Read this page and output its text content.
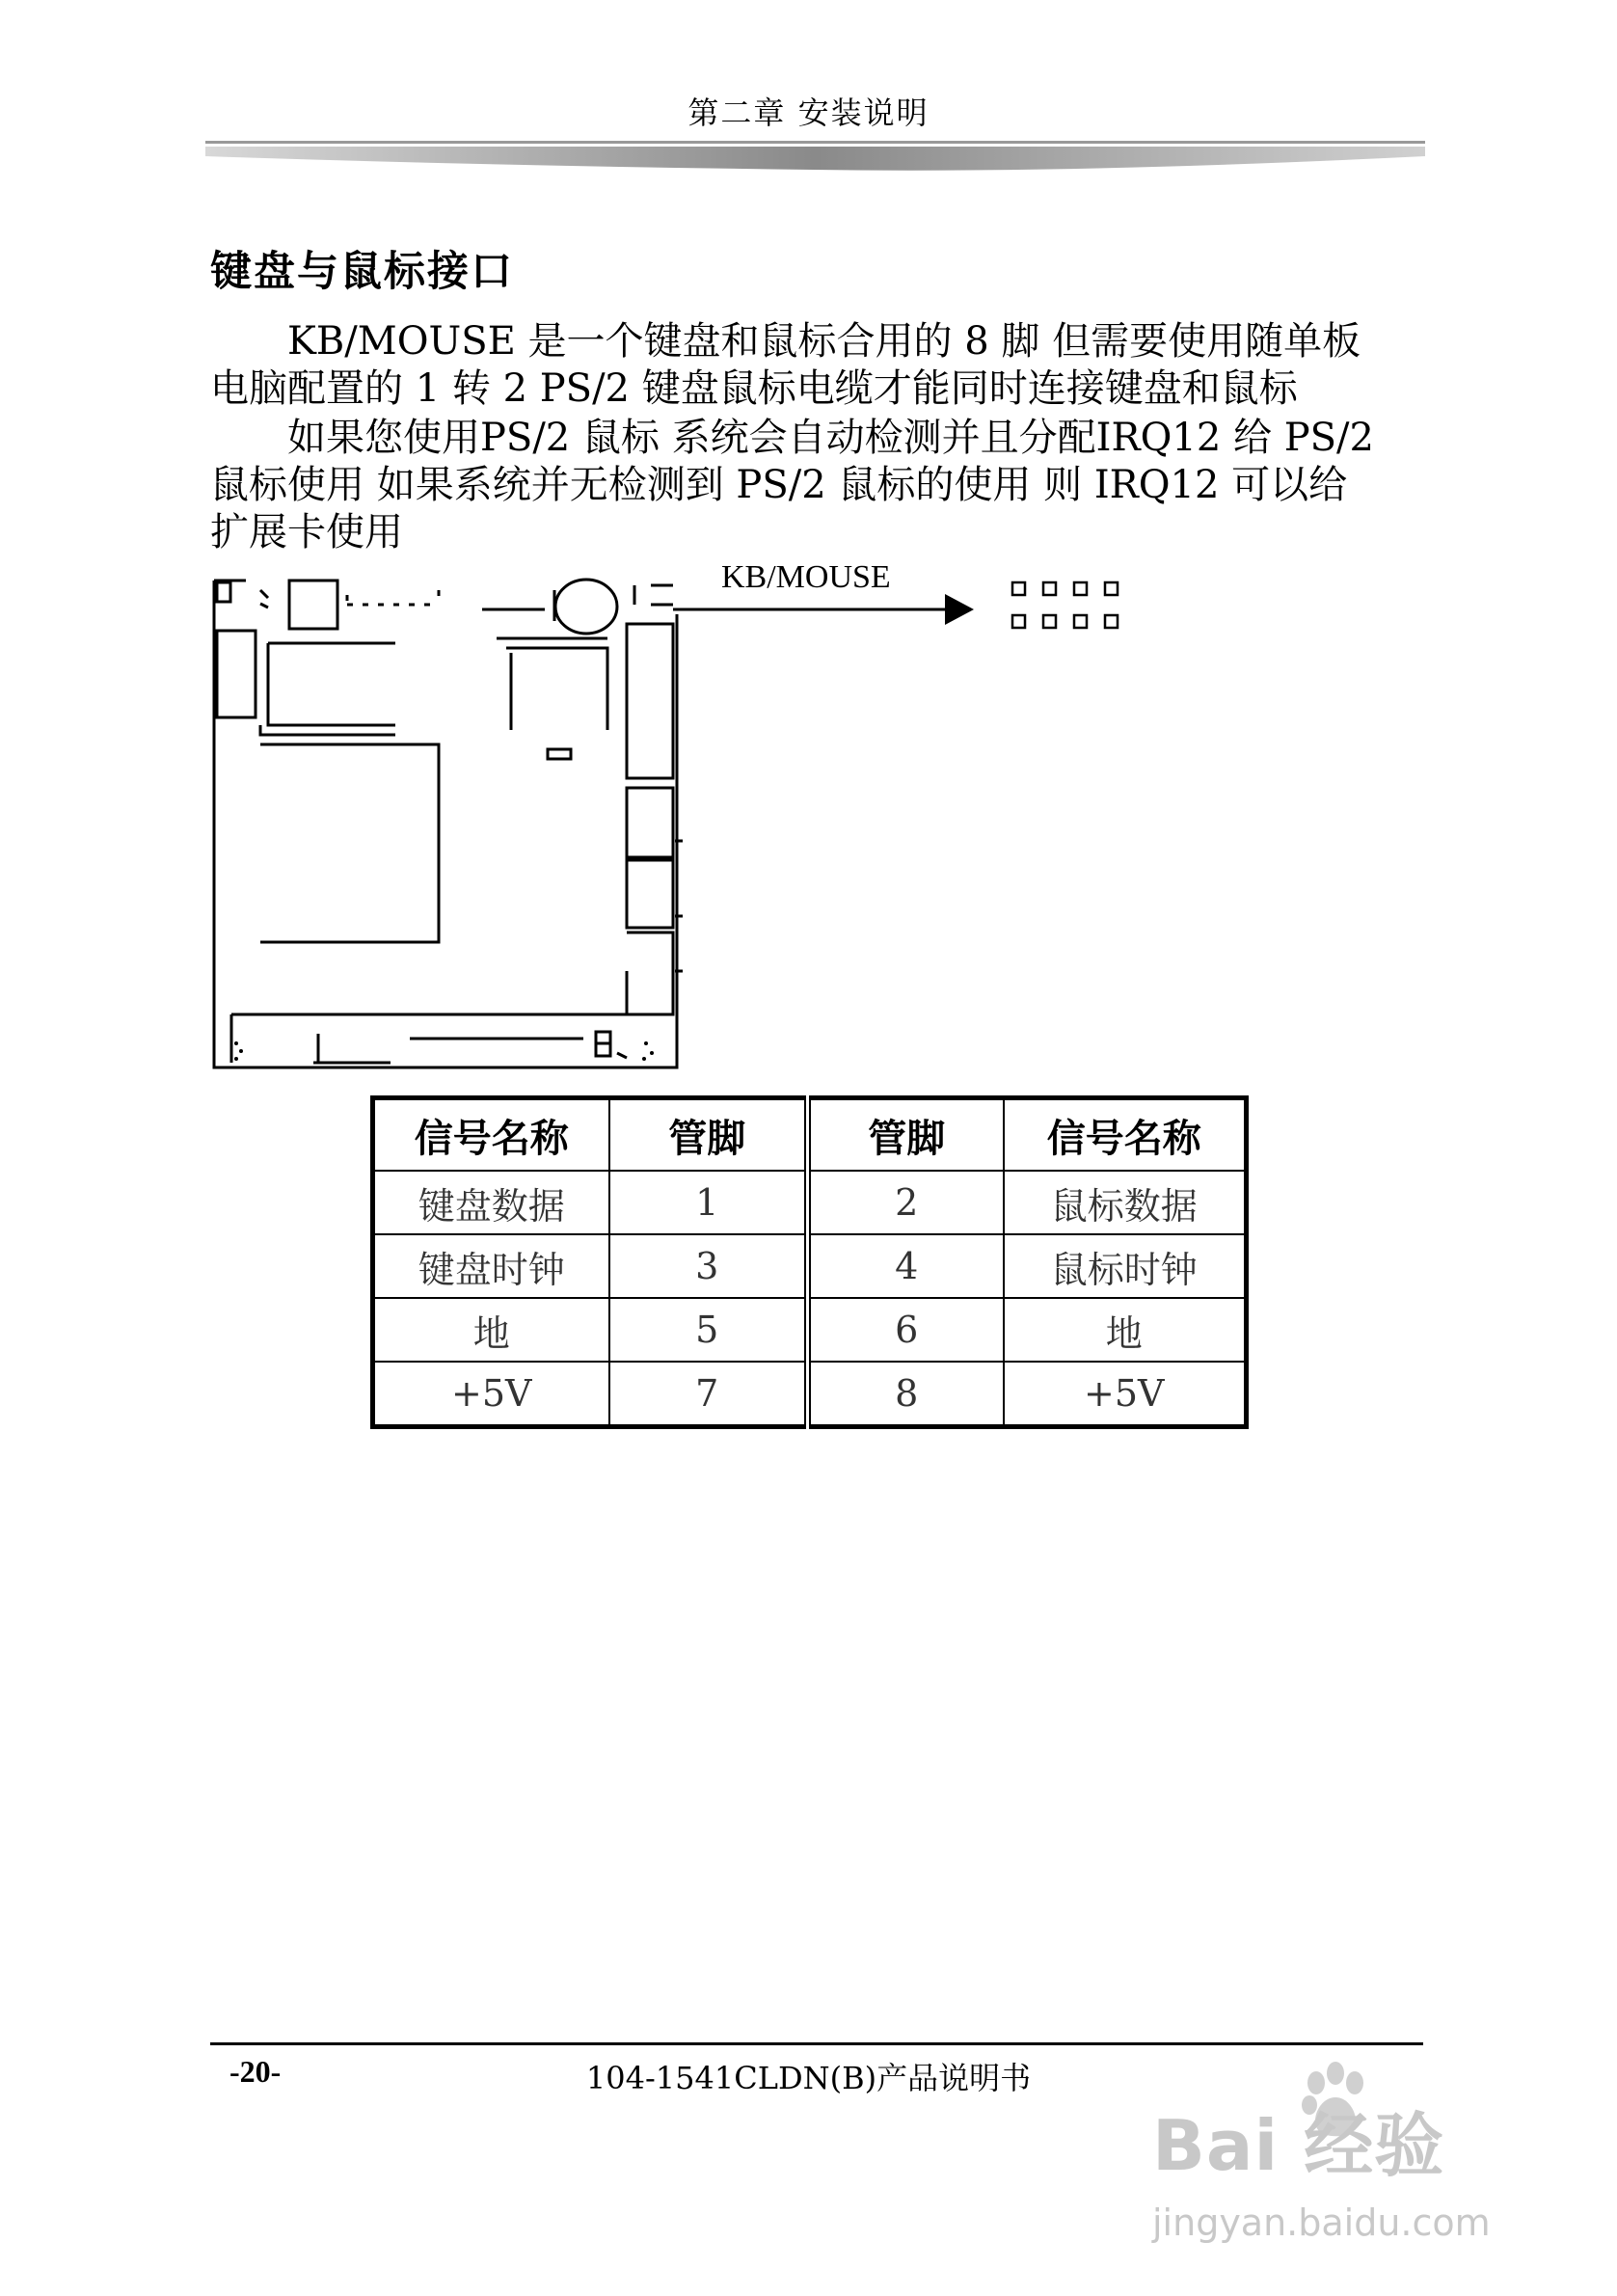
第二章 安装说明
键盘与鼠标接口
KB/MOUSE 是一个键盘和鼠标合用的 8 脚 但需要使用随单板电脑配置的 1 转 2 PS/2 键盘鼠标电缆才能同时连接键盘和鼠标
如果您使用PS/2 鼠标 系统会自动检测并且分配IRQ12 给 PS/2 鼠标使用 如果系统并无检测到 PS/2 鼠标的使用 则 IRQ12 可以给扩展卡使用
KB/MOUSE
信号名称	管脚	管脚	信号名称
键盘数据	1	2	鼠标数据
键盘时钟	3	4	鼠标时钟
地	5	6	地
+5V	7	8	+5V
-20-	104-1541CLDN(B)产品说明书
Bai 经验
jingyan.baidu.com
